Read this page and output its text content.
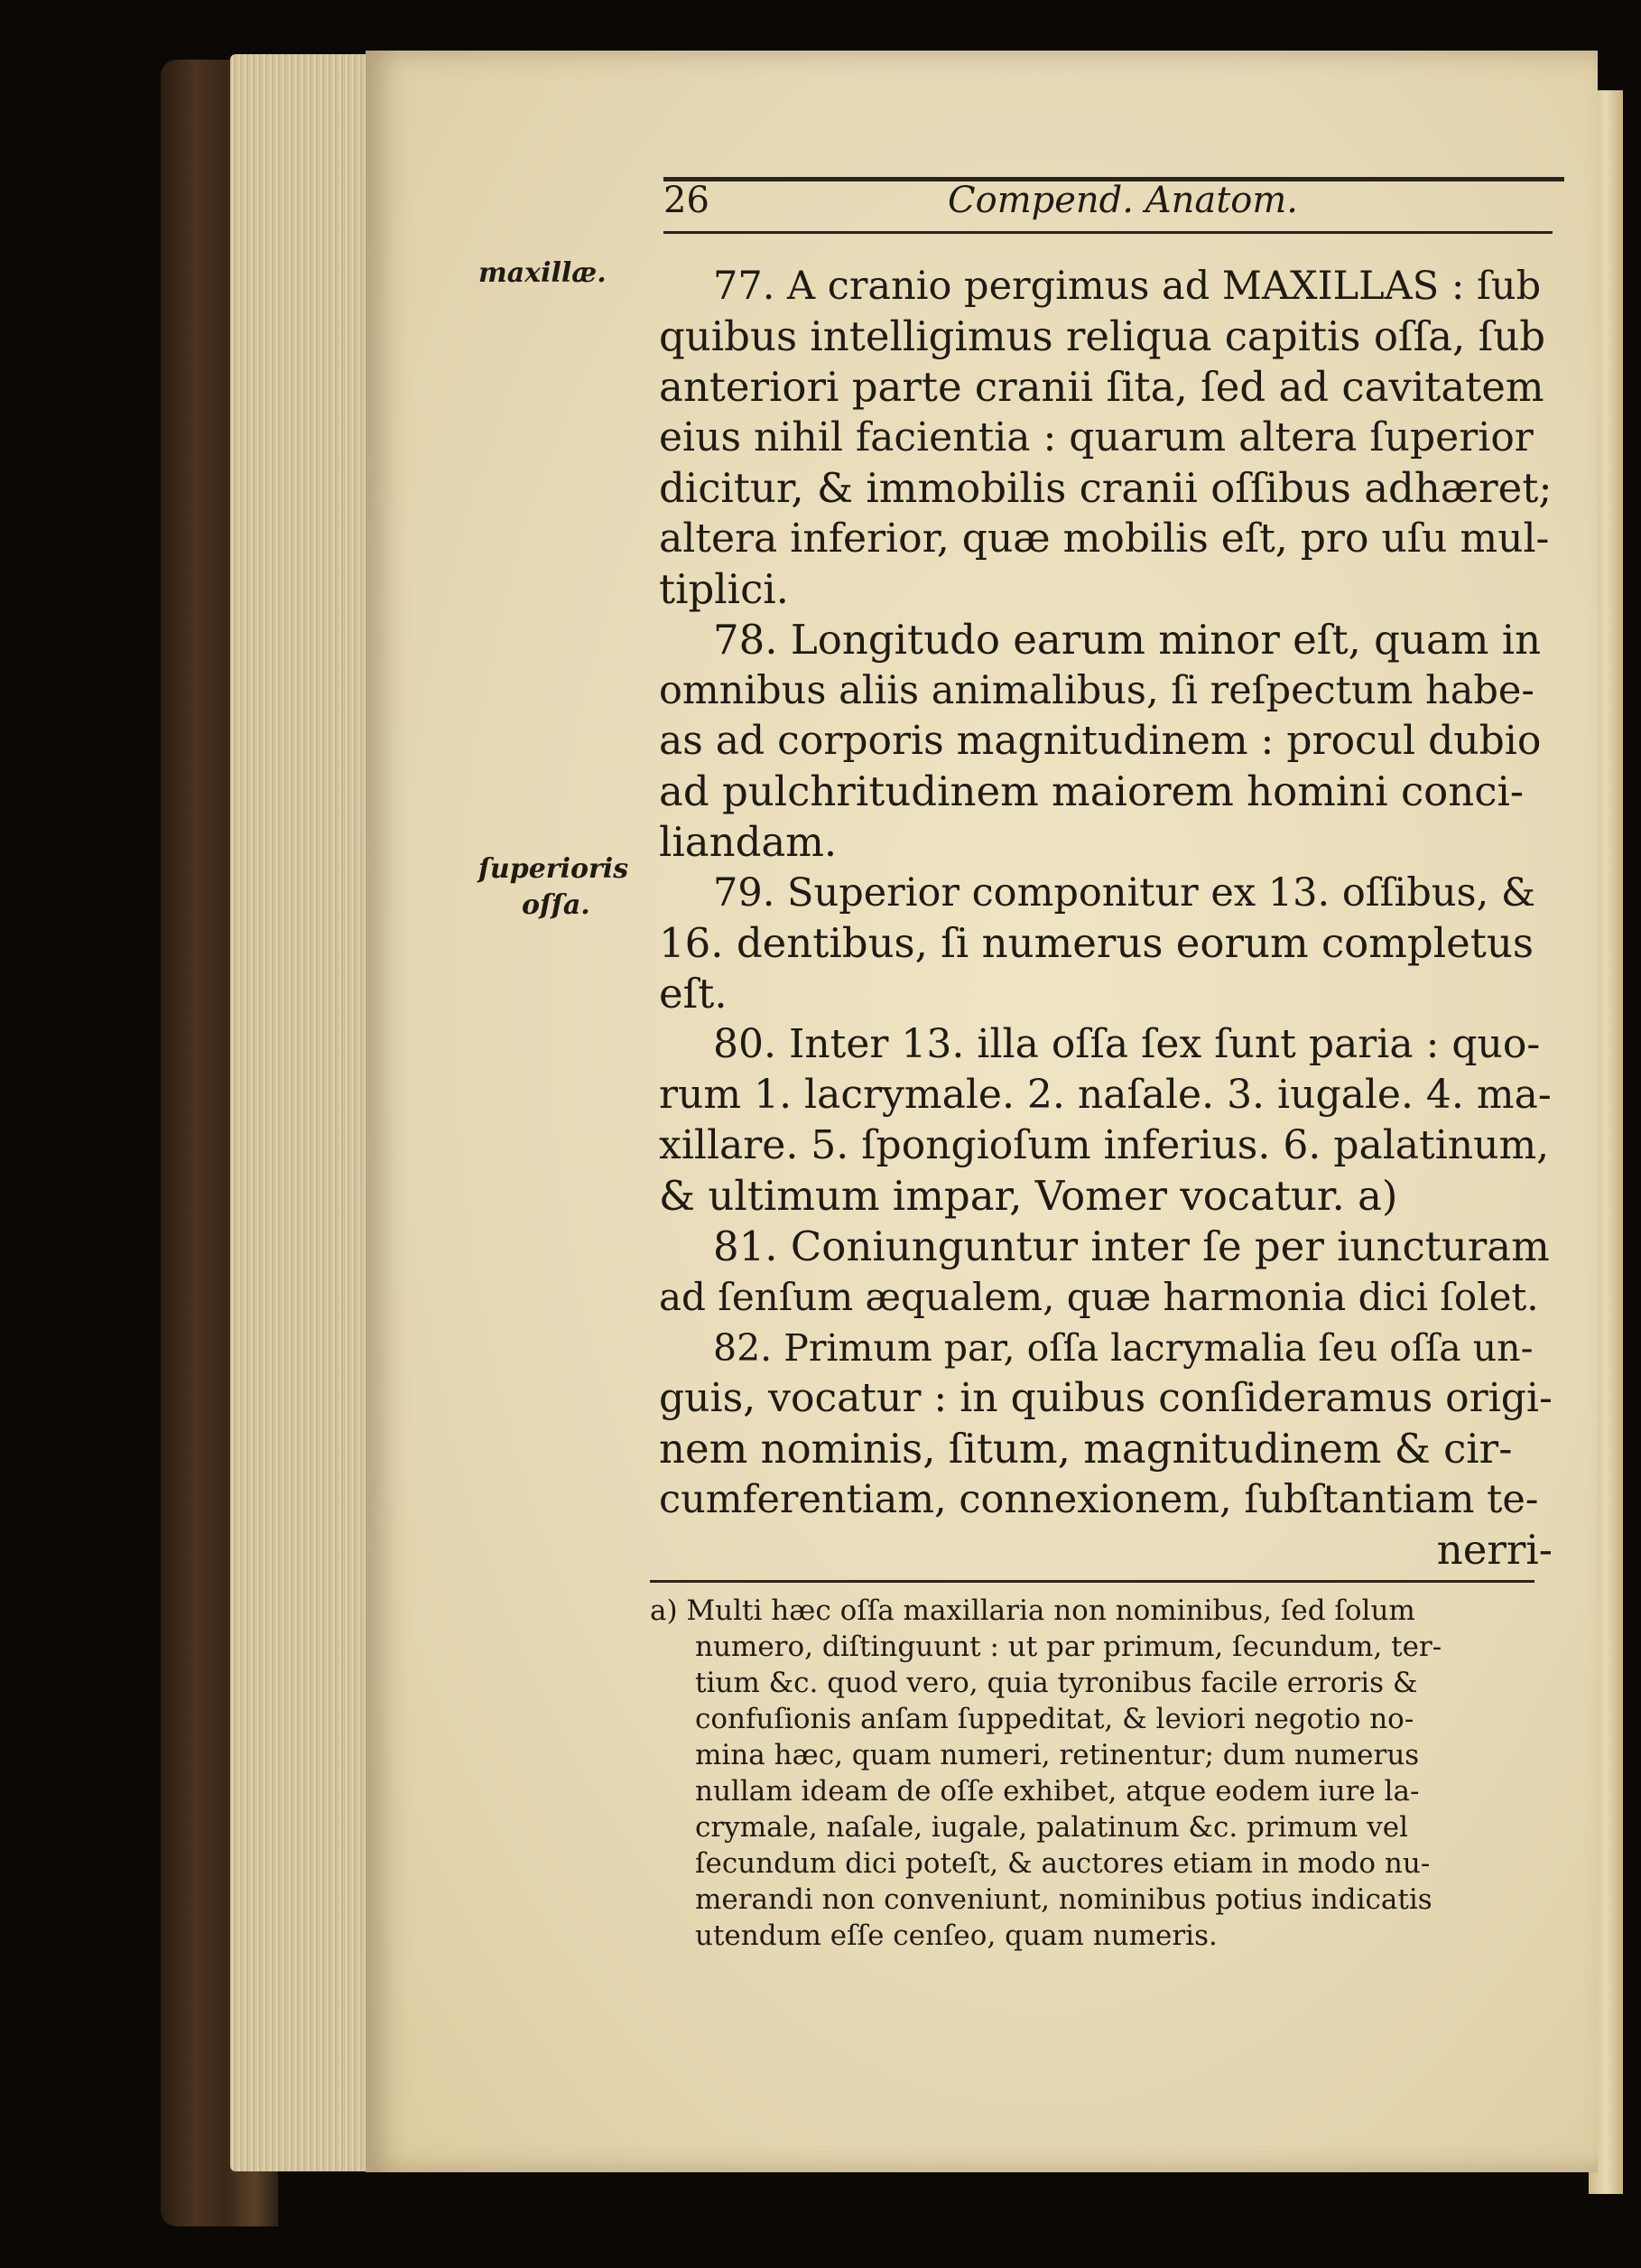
26	Compend. Anatom.
maxillæ.
ſuperioris
oſſa.
77. A cranio pergimus ad MAXILLAS : ſub
quibus intelligimus reliqua capitis oſſa, ſub
anteriori parte cranii ſita, ſed ad cavitatem
eius nihil facientia : quarum altera ſuperior
dicitur, & immobilis cranii oſſibus adhæret;
altera inferior, quæ mobilis eſt, pro uſu mul-
tiplici.
78. Longitudo earum minor eſt, quam in
omnibus aliis animalibus, ſi reſpectum habe-
as ad corporis magnitudinem : procul dubio
ad pulchritudinem maiorem homini conci-
liandam.
79. Superior componitur ex 13. oſſibus, &
16. dentibus, ſi numerus eorum completus
eſt.
80. Inter 13. illa oſſa ſex ſunt paria : quo-
rum 1. lacrymale. 2. naſale. 3. iugale. 4. ma-
xillare. 5. ſpongioſum inferius. 6. palatinum,
& ultimum impar, Vomer vocatur. a)
81. Coniunguntur inter ſe per iuncturam
ad ſenſum æqualem, quæ harmonia dici ſolet.
82. Primum par, oſſa lacrymalia ſeu oſſa un-
guis, vocatur : in quibus conſideramus origi-
nem nominis, ſitum, magnitudinem & cir-
cumferentiam, connexionem, ſubſtantiam te-
nerri-
a) Multi hæc oſſa maxillaria non nominibus, ſed ſolum
numero, diſtinguunt : ut par primum, ſecundum, ter-
tium &c. quod vero, quia tyronibus facile erroris &
confuſionis anſam ſuppeditat, & leviori negotio no-
mina hæc, quam numeri, retinentur; dum numerus
nullam ideam de oſſe exhibet, atque eodem iure la-
crymale, naſale, iugale, palatinum &c. primum vel
ſecundum dici poteſt, & auctores etiam in modo nu-
merandi non conveniunt, nominibus potius indicatis
utendum eſſe cenſeo, quam numeris.
